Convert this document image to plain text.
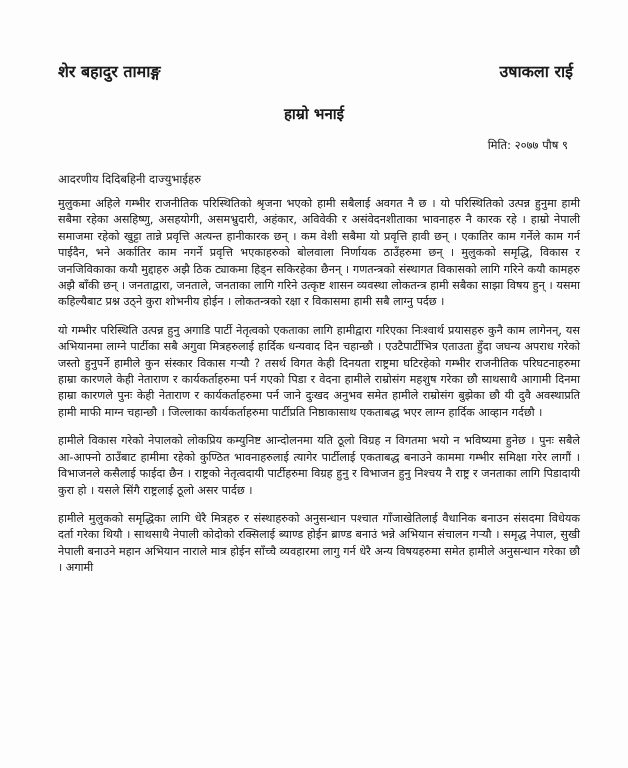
शेर बहादुर तामाङ्ग	उषाकला राई
हाम्रो भनाई
मिति: २०७७ पौष ९
आदरणीय दिदिबहिनी दाज्युभाईहरु

मुलुकमा अहिले गम्भीर राजनीतिक परिस्थितिको श्रृजना भएको हामी सबैलाई अवगत नै छ । यो परिस्थितिको उत्पन्न हुनुमा हामी सबैमा रहेका असहिष्णु, असहयोगी, असमभ्रुदारी, अहंकार, अविवेकी र असंवेदनशीताका भावनाहरु नै कारक रहे । हाम्रो नेपाली समाजमा रहेको खुट्टा तान्ने प्रवृत्ति अत्यन्त हानीकारक छन् । कम वेशी सबैमा यो प्रवृत्ति हावी छन् । एकातिर काम गर्नेले काम गर्न पाईदैन, भने अर्कातिर काम नगर्ने प्रवृत्ति भएकाहरुको बोलवाला निर्णायक ठाउँहरुमा छन् । मुलुकको समृद्धि, विकास र जनजिविकाका कयौ मुद्दाहरु अझै ठिक ट्याकमा हिड्न सकिरहेका छैनन् । गणतन्त्रको संस्थागत विकासको लागि गरिने कयौ कामहरु अझै बाँकी छन् । जनताद्वारा, जनताले, जनताका लागि गरिने उत्कृष्ट शासन व्यवस्था लोकतन्त्र हामी सबैका साझा विषय हुन् । यसमा कहिल्यैबाट प्रश्न उठ्ने कुरा शोभनीय होईन । लोकतन्त्रको रक्षा र विकासमा हामी सबै लाग्नु पर्दछ ।

यो गम्भीर परिस्थिति उत्पन्न हुनु अगाडि पार्टी नेतृत्वको एकताका लागि हामीद्वारा गरिएका निःश्वार्थ प्रयासहरु कुनै काम लागेनन्, यस अभियानमा लाग्ने पार्टीका सबै अगुवा मित्रहरुलाई हार्दिक धन्यवाद दिन चहान्छौ । एउटैपार्टीभित्र एताउता हुँदा जघन्य अपराध गरेको जस्तो हुनुपर्ने हामीले कुन संस्कार विकास गऱ्यौ ? तसर्थ विगत केही दिनयता राष्ट्रमा घटिरहेको गम्भीर राजनीतिक परिघटनाहरुमा हाम्रा कारणले केही नेताराण र कार्यकर्ताहरुमा पर्न गएको पिडा र वेदना हामीले राम्रोसंग महशुष गरेका छौ साथसाथै आगामी दिनमा हाम्रा कारणले पुनः केही नेताराण र कार्यकर्ताहरुमा पर्न जाने दुःखद अनुभव समेत हामीले राम्रोसंग बुझेका छौ यी दुवै अवस्थाप्रति हामी माफी माग्न चहान्छौ । जिल्लाका कार्यकर्ताहरुमा पार्टीप्रति निष्ठाकासाथ एकताबद्ध भएर लाग्न हार्दिक आव्हान गर्दछौ ।

हामीले विकास गरेको नेपालको लोकप्रिय कम्युनिष्ट आन्दोलनमा यति ठूलो विग्रह न विगतमा भयो न भविष्यमा हुनेछ । पुनः सबैले आ-आफ्नो ठाउँबाट हामीमा रहेको कुण्ठित भावनाहरुलाई त्यागेर पार्टीलाई एकताबद्ध बनाउने काममा गम्भीर समिक्षा गरेर लागौं । विभाजनले कसैलाई फाईदा छैन । राष्ट्रको नेतृत्वदायी पार्टीहरुमा विग्रह हुनु र विभाजन हुनु निश्चय नै राष्ट्र र जनताका लागि पिडादायी कुरा हो । यसले सिंगै राष्ट्रलाई ठूलो असर पार्दछ ।

हामीले मुलुकको समृद्धिका लागि धेरै मित्रहरु र संस्थाहरुको अनुसन्धान पश्चात गाँजाखेतिलाई वैधानिक बनाउन संसदमा विधेयक दर्ता गरेका थियौ । साथसाथै नेपाली कोदोको रक्सिलाई ब्याण्ड होईन ब्राण्ड बनाउं भन्ने अभियान संचालन गऱ्यौ । समृद्ध नेपाल, सुखी नेपाली बनाउने महान अभियान नाराले मात्र होईन साँच्चै व्यवहारमा लागु गर्न धेरै अन्य विषयहरुमा समेत हामीले अनुसन्धान गरेका छौ । अगामी
